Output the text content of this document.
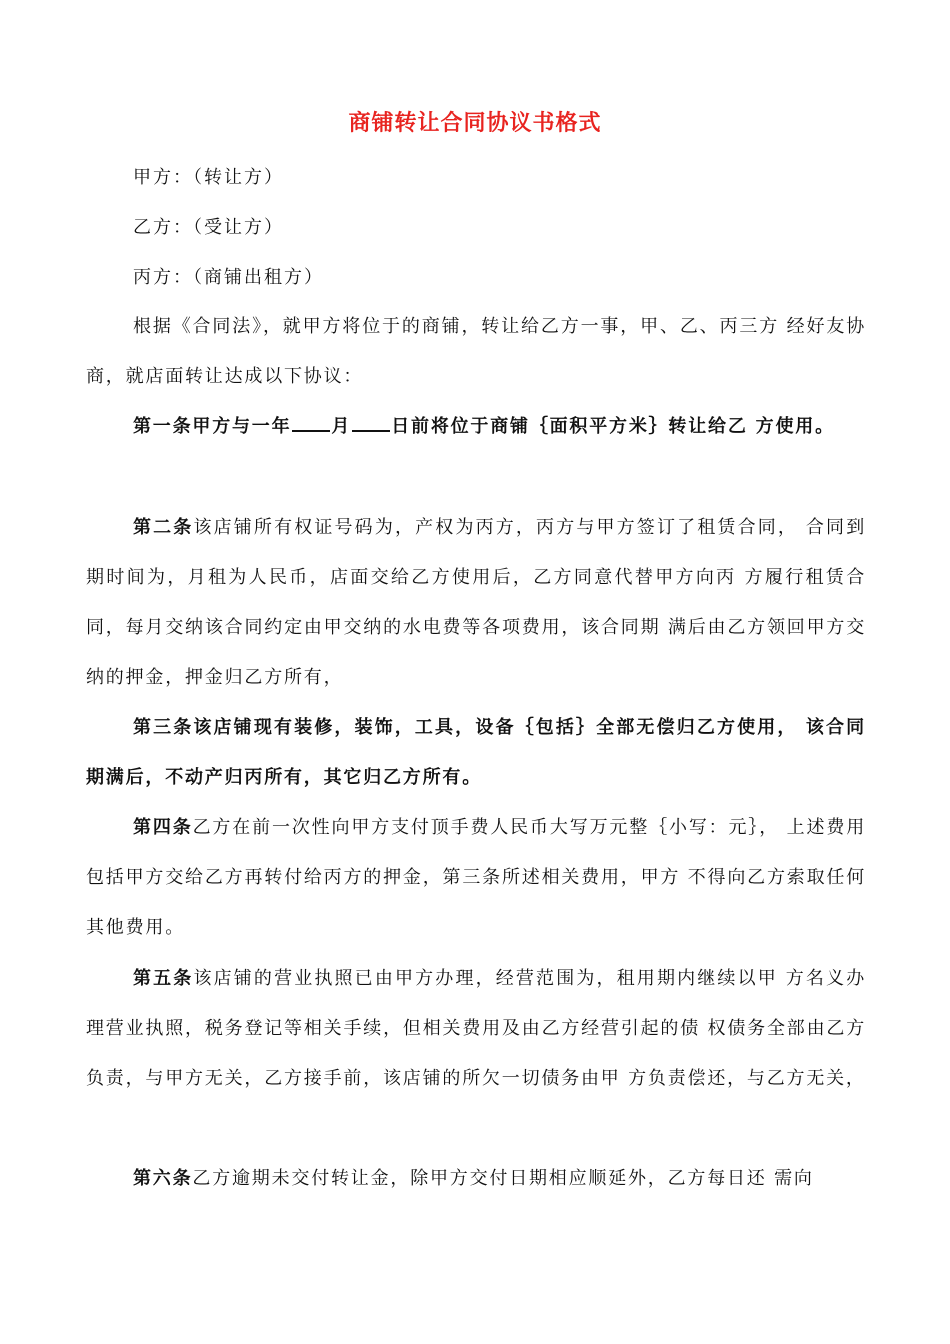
商铺转让合同协议书格式
甲方：（转让方）
乙方：（受让方）
丙方：（商铺出租方）
根据《合同法》，就甲方将位于的商铺，转让给乙方一事，甲、乙、丙三方 经好友协商，就店面转让达成以下协议：
第一条甲方与一年 月 日前将位于商铺｛面积平方米｝转让给乙 方使用。
第二条该店铺所有权证号码为，产权为丙方，丙方与甲方签订了租赁合同， 合同到期时间为，月租为人民币，店面交给乙方使用后，乙方同意代替甲方向丙 方履行租赁合同，每月交纳该合同约定由甲交纳的水电费等各项费用，该合同期 满后由乙方领回甲方交纳的押金，押金归乙方所有，
第三条该店铺现有装修，装饰，工具，设备｛包括｝全部无偿归乙方使用， 该合同期满后，不动产归丙所有，其它归乙方所有。
第四条乙方在前一次性向甲方支付顶手费人民币大写万元整｛小写：元｝， 上述费用包括甲方交给乙方再转付给丙方的押金，第三条所述相关费用，甲方 不得向乙方索取任何其他费用。
第五条该店铺的营业执照已由甲方办理，经营范围为，租用期内继续以甲 方名义办理营业执照，税务登记等相关手续，但相关费用及由乙方经营引起的债 权债务全部由乙方负责，与甲方无关，乙方接手前，该店铺的所欠一切债务由甲 方负责偿还，与乙方无关，
第六条乙方逾期未交付转让金，除甲方交付日期相应顺延外，乙方每日还 需向
